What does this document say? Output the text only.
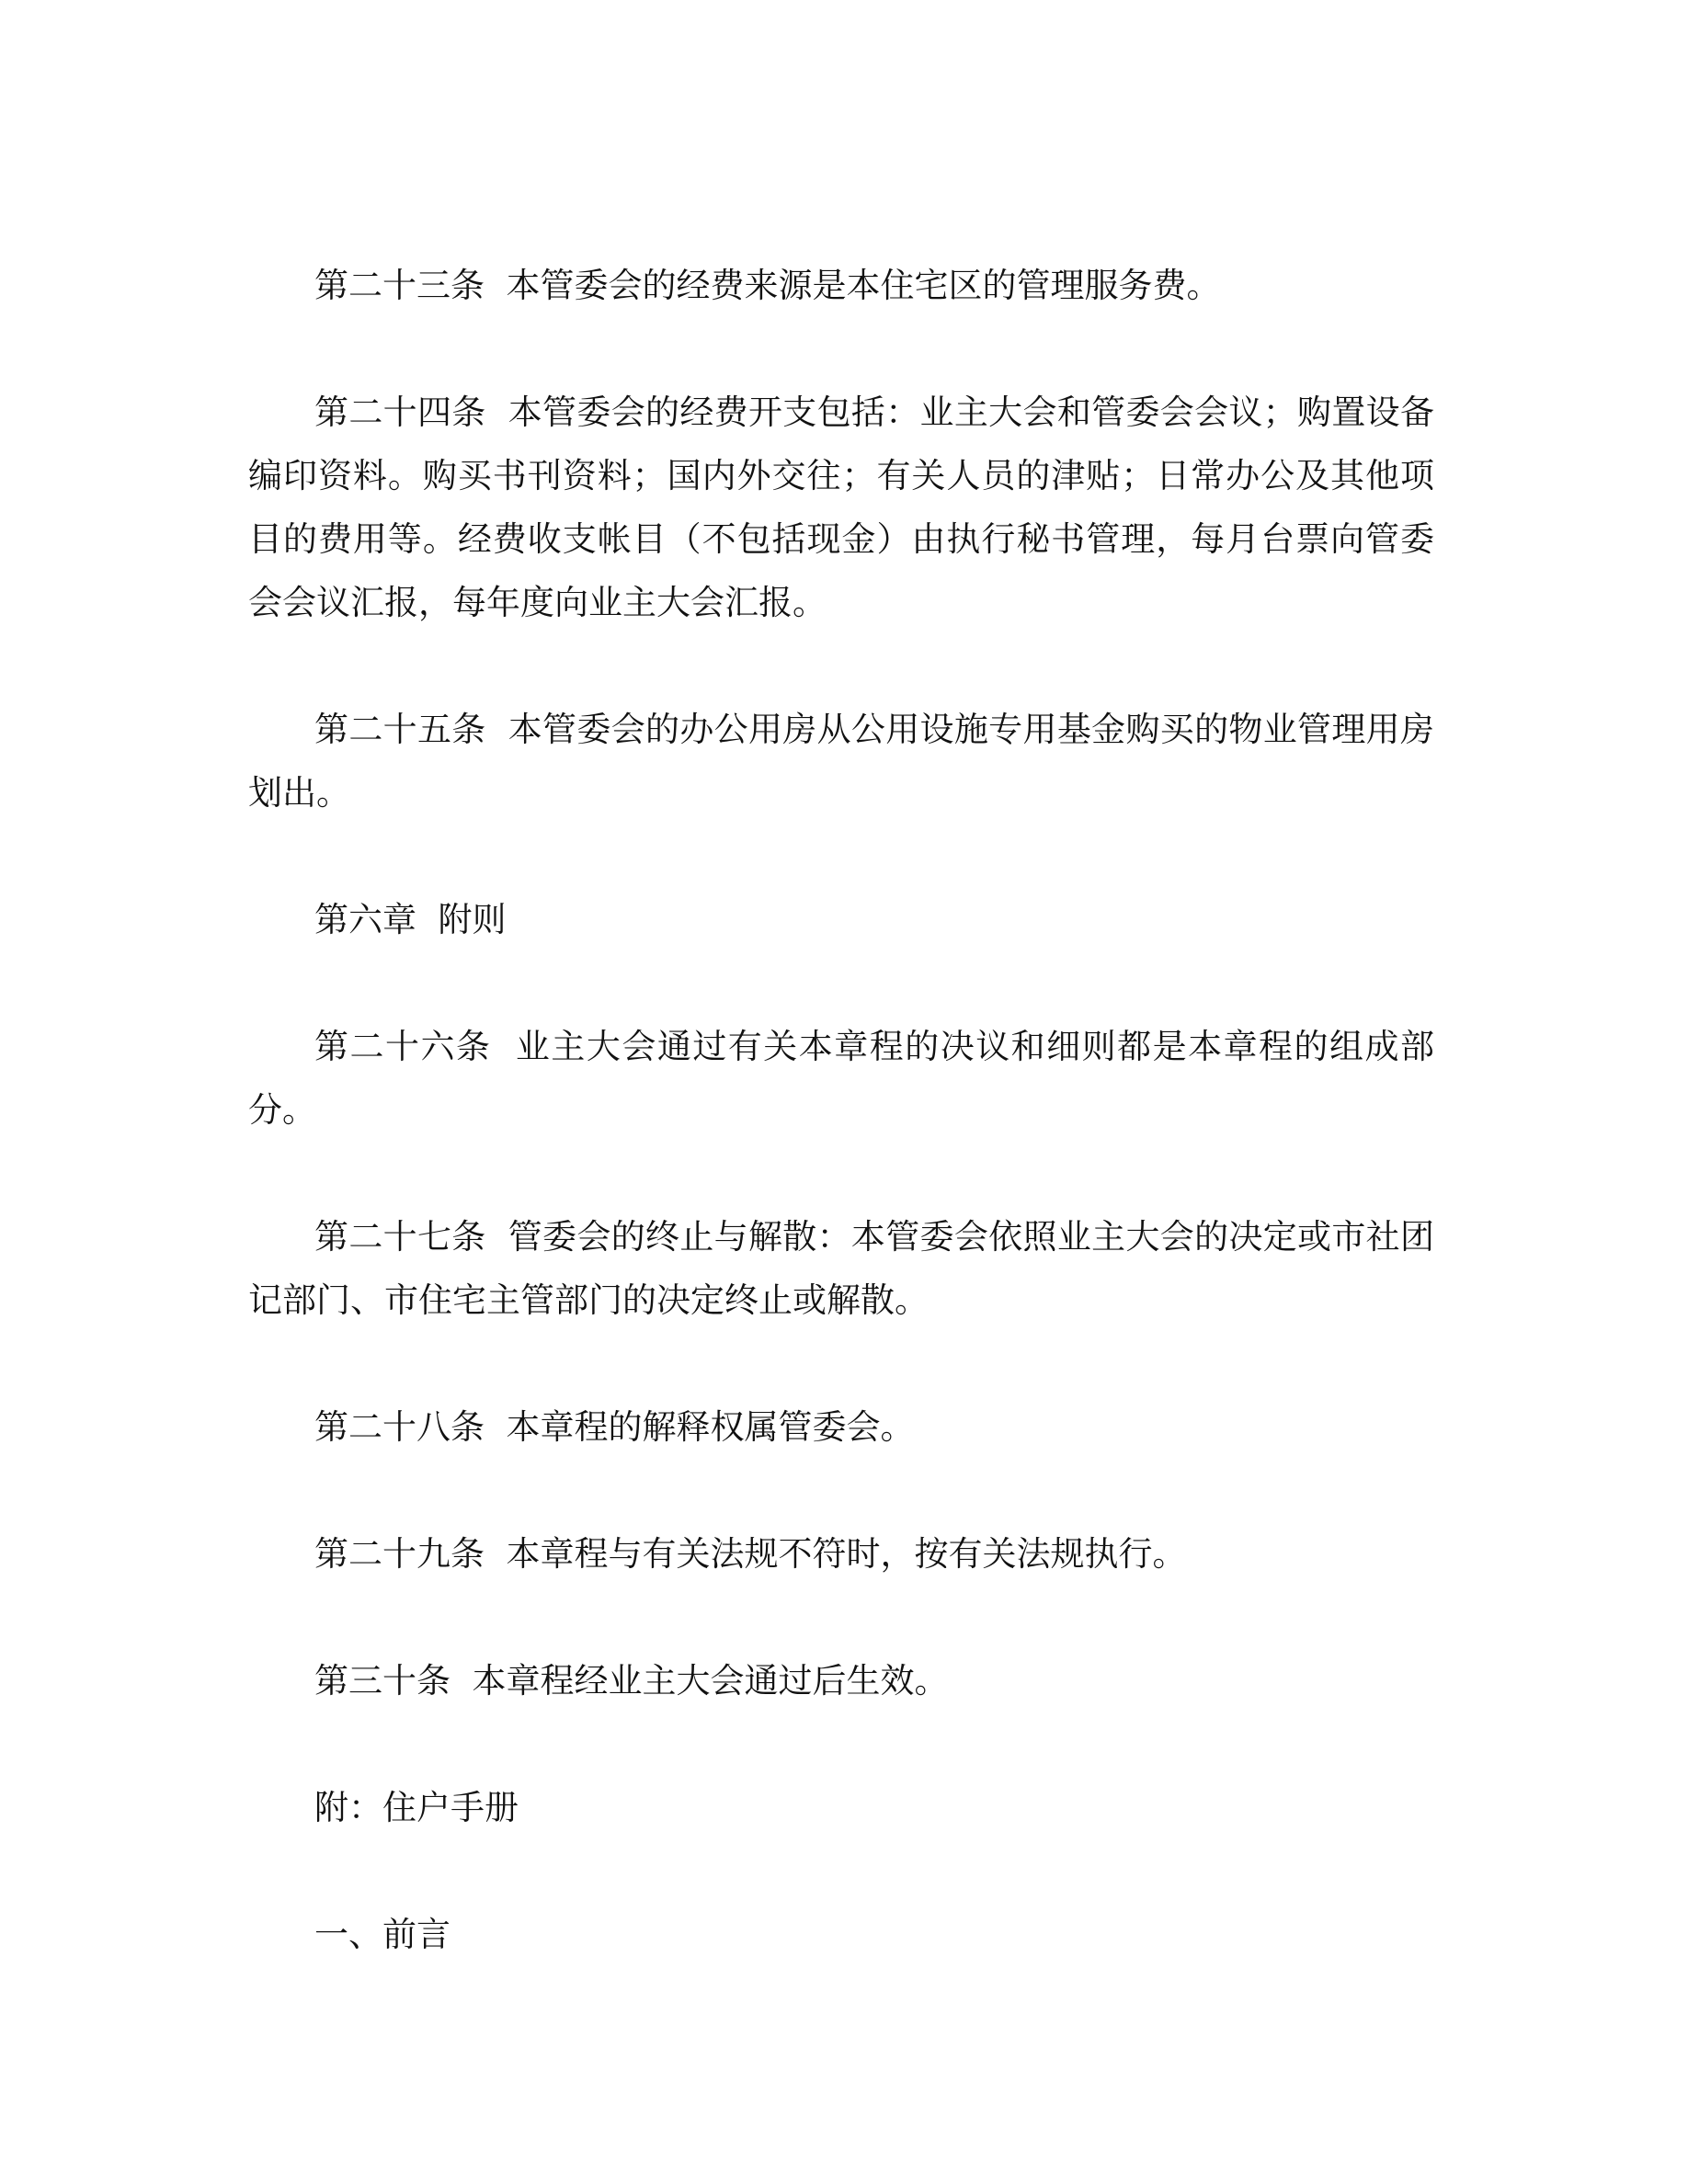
第二十三条  本管委会的经费来源是本住宅区的管理服务费。

第二十四条  本管委会的经费开支包括：业主大会和管委会会议；购置设备编印资料。购买书刊资料；国内外交往；有关人员的津贴；日常办公及其他项目的费用等。经费收支帐目（不包括现金）由执行秘书管理，每月台票向管委会会议汇报，每年度向业主大会汇报。

第二十五条  本管委会的办公用房从公用设施专用基金购买的物业管理用房划出。

第六章  附则

第二十六条  业主大会通过有关本章程的决议和细则都是本章程的组成部分。

第二十七条  管委会的终止与解散：本管委会依照业主大会的决定或市社团记部门、市住宅主管部门的决定终止或解散。

第二十八条  本章程的解释权属管委会。

第二十九条  本章程与有关法规不符时，按有关法规执行。

第三十条  本章程经业主大会通过后生效。

附：住户手册

一、前言
